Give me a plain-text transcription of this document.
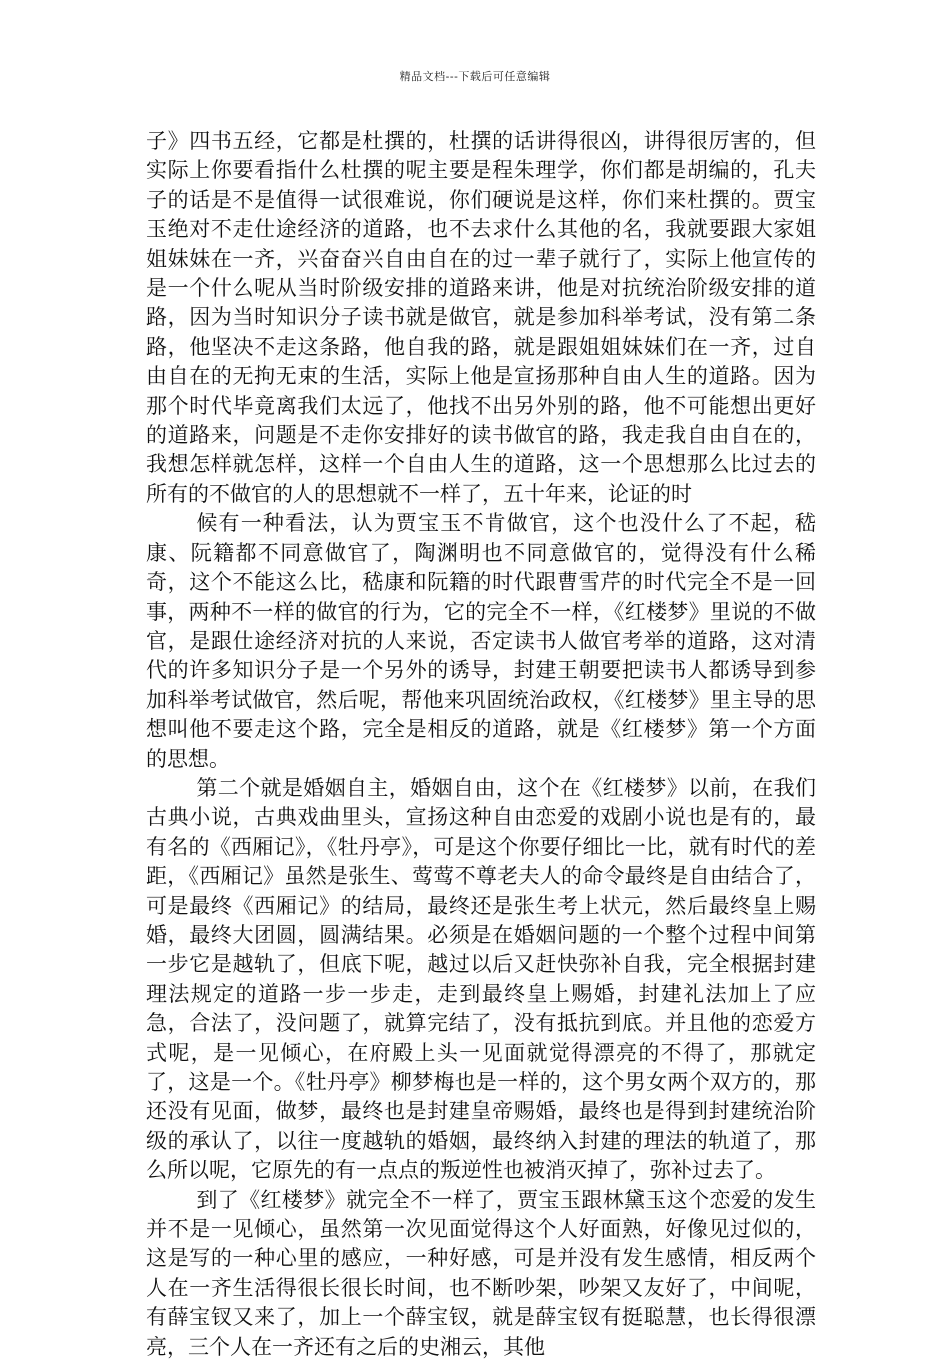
精品文档---下载后可任意编辑

子》四书五经，它都是杜撰的，杜撰的话讲得很凶，讲得很厉害的，但实际上你要看指什么杜撰的呢主要是程朱理学，你们都是胡编的，孔夫子的话是不是值得一试很难说，你们硬说是这样，你们来杜撰的。贾宝玉绝对不走仕途经济的道路，也不去求什么其他的名，我就要跟大家姐姐妹妹在一齐，兴奋奋兴自由自在的过一辈子就行了，实际上他宣传的是一个什么呢从当时阶级安排的道路来讲，他是对抗统治阶级安排的道路，因为当时知识分子读书就是做官，就是参加科举考试，没有第二条路，他坚决不走这条路，他自我的路，就是跟姐姐妹妹们在一齐，过自由自在的无拘无束的生活，实际上他是宣扬那种自由人生的道路。因为那个时代毕竟离我们太远了，他找不出另外别的路，他不可能想出更好的道路来，问题是不走你安排好的读书做官的路，我走我自由自在的，我想怎样就怎样，这样一个自由人生的道路，这一个思想那么比过去的所有的不做官的人的思想就不一样了，五十年来，论证的时

候有一种看法，认为贾宝玉不肯做官，这个也没什么了不起，嵇康、阮籍都不同意做官了，陶渊明也不同意做官的，觉得没有什么稀奇，这个不能这么比，嵇康和阮籍的时代跟曹雪芹的时代完全不是一回事，两种不一样的做官的行为，它的完全不一样，《红楼梦》里说的不做官，是跟仕途经济对抗的人来说，否定读书人做官考举的道路，这对清代的许多知识分子是一个另外的诱导，封建王朝要把读书人都诱导到参加科举考试做官，然后呢，帮他来巩固统治政权，《红楼梦》里主导的思想叫他不要走这个路，完全是相反的道路，就是《红楼梦》第一个方面的思想。

第二个就是婚姻自主，婚姻自由，这个在《红楼梦》以前，在我们古典小说，古典戏曲里头，宣扬这种自由恋爱的戏剧小说也是有的，最有名的《西厢记》，《牡丹亭》，可是这个你要仔细比一比，就有时代的差距，《西厢记》虽然是张生、莺莺不尊老夫人的命令最终是自由结合了，可是最终《西厢记》的结局，最终还是张生考上状元，然后最终皇上赐婚，最终大团圆，圆满结果。必须是在婚姻问题的一个整个过程中间第一步它是越轨了，但底下呢，越过以后又赶快弥补自我，完全根据封建理法规定的道路一步一步走，走到最终皇上赐婚，封建礼法加上了应急，合法了，没问题了，就算完结了，没有抵抗到底。并且他的恋爱方式呢，是一见倾心，在府殿上头一见面就觉得漂亮的不得了，那就定了，这是一个。《牡丹亭》柳梦梅也是一样的，这个男女两个双方的，那还没有见面，做梦，最终也是封建皇帝赐婚，最终也是得到封建统治阶级的承认了，以往一度越轨的婚姻，最终纳入封建的理法的轨道了，那么所以呢，它原先的有一点点的叛逆性也被消灭掉了，弥补过去了。

到了《红楼梦》就完全不一样了，贾宝玉跟林黛玉这个恋爱的发生并不是一见倾心，虽然第一次见面觉得这个人好面熟，好像见过似的，这是写的一种心里的感应，一种好感，可是并没有发生感情，相反两个人在一齐生活得很长很长时间，也不断吵架，吵架又友好了，中间呢，有薛宝钗又来了，加上一个薛宝钗，就是薛宝钗有挺聪慧，也长得很漂亮，三个人在一齐还有之后的史湘云，其他
